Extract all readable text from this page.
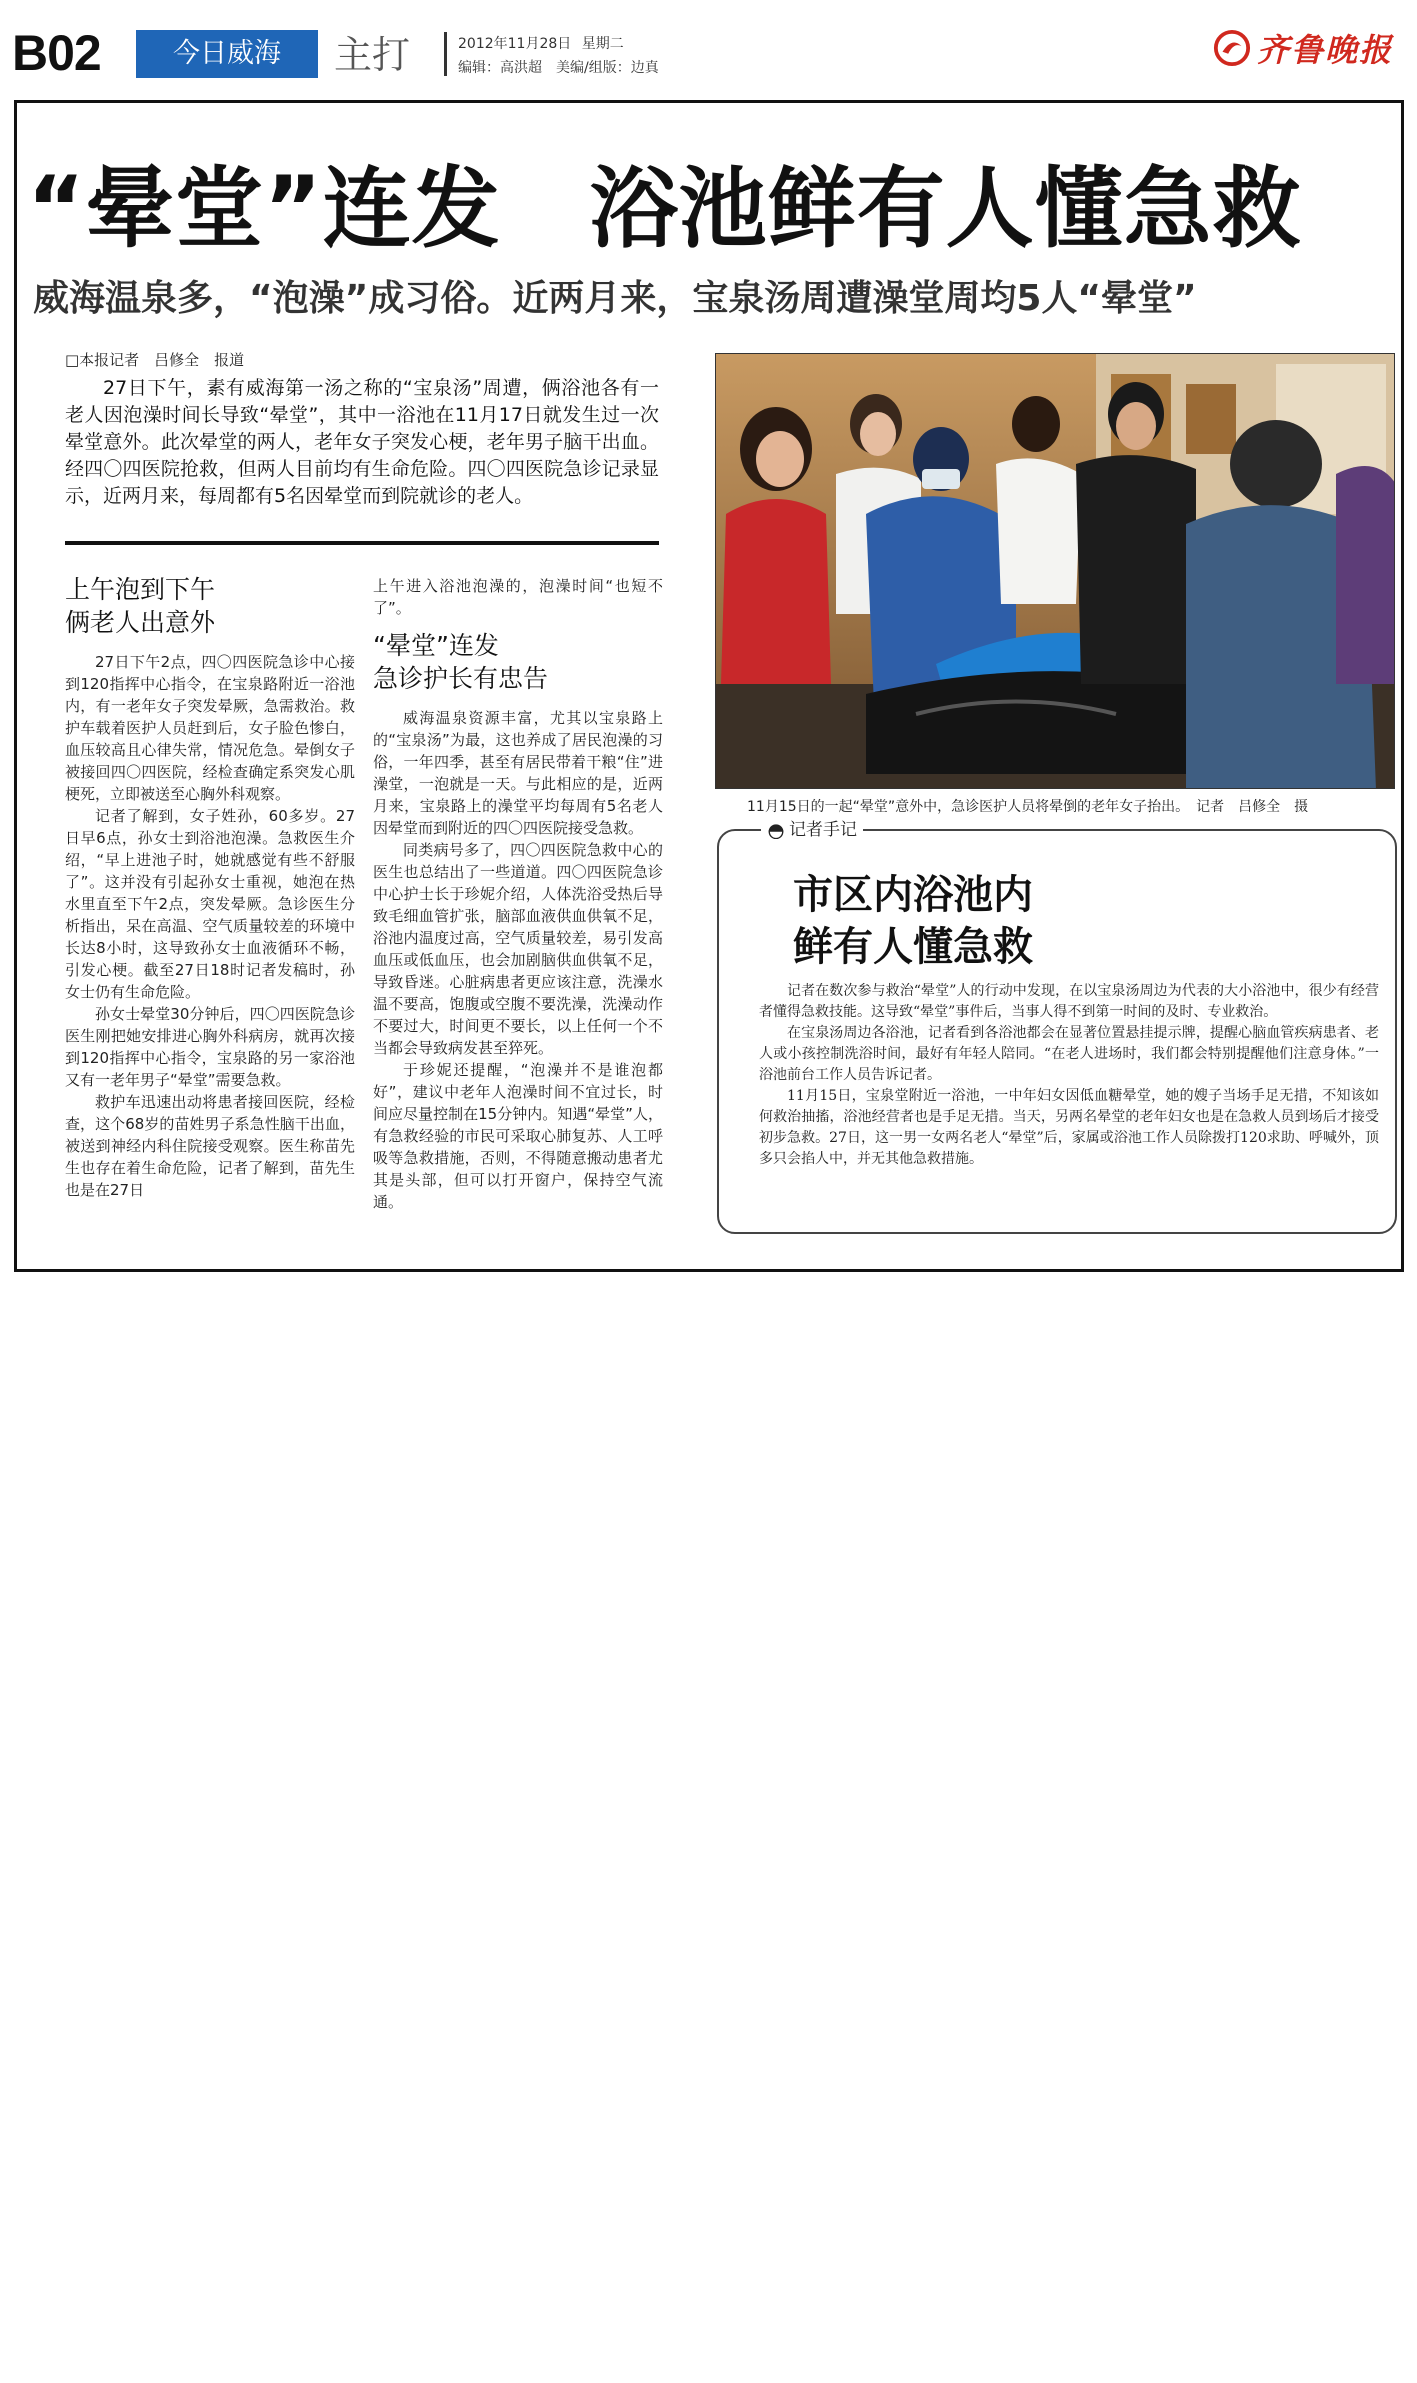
B02	今日威海	主打	2012年11月28日 星期二
编辑：高洪超　美编/组版：边真	齐鲁晚报
“晕堂”连发　浴池鲜有人懂急救
威海温泉多，“泡澡”成习俗。近两月来，宝泉汤周遭澡堂周均5人“晕堂”
□本报记者　吕修全　报道

27日下午，素有威海第一汤之称的“宝泉汤”周遭，俩浴池各有一老人因泡澡时间长导致“晕堂”，其中一浴池在11月17日就发生过一次晕堂意外。此次晕堂的两人，老年女子突发心梗，老年男子脑干出血。经四〇四医院抢救，但两人目前均有生命危险。四〇四医院急诊记录显示，近两月来，每周都有5名因晕堂而到院就诊的老人。

上午泡到下午
俩老人出意外

27日下午2点，四〇四医院急诊中心接到120指挥中心指令，在宝泉路附近一浴池内，有一老年女子突发晕厥，急需救治。救护车载着医护人员赶到后，女子脸色惨白，血压较高且心律失常，情况危急。晕倒女子被接回四〇四医院，经检查确定系突发心肌梗死，立即被送至心胸外科观察。

记者了解到，女子姓孙，60多岁。27日早6点，孙女士到浴池泡澡。急救医生介绍，“早上进池子时，她就感觉有些不舒服了”。这并没有引起孙女士重视，她泡在热水里直至下午2点，突发晕厥。急诊医生分析指出，呆在高温、空气质量较差的环境中长达8小时，这导致孙女士血液循环不畅，引发心梗。截至27日18时记者发稿时，孙女士仍有生命危险。

孙女士晕堂30分钟后，四〇四医院急诊医生刚把她安排进心胸外科病房，就再次接到120指挥中心指令，宝泉路的另一家浴池又有一老年男子“晕堂”需要急救。

救护车迅速出动将患者接回医院，经检查，这个68岁的苗姓男子系急性脑干出血，被送到神经内科住院接受观察。医生称苗先生也存在着生命危险，记者了解到，苗先生也是在27日

上午进入浴池泡澡的，泡澡时间“也短不了”。

“晕堂”连发
急诊护长有忠告

威海温泉资源丰富，尤其以宝泉路上的“宝泉汤”为最，这也养成了居民泡澡的习俗，一年四季，甚至有居民带着干粮“住”进澡堂，一泡就是一天。与此相应的是，近两月来，宝泉路上的澡堂平均每周有5名老人因晕堂而到附近的四〇四医院接受急救。

同类病号多了，四〇四医院急救中心的医生也总结出了一些道道。四〇四医院急诊中心护士长于珍妮介绍，人体洗浴受热后导致毛细血管扩张，脑部血液供血供氧不足，浴池内温度过高，空气质量较差，易引发高血压或低血压，也会加剧脑供血供氧不足，导致昏迷。心脏病患者更应该注意，洗澡水温不要高，饱腹或空腹不要洗澡，洗澡动作不要过大，时间更不要长，以上任何一个不当都会导致病发甚至猝死。

于珍妮还提醒，“泡澡并不是谁泡都好”，建议中老年人泡澡时间不宜过长，时间应尽量控制在15分钟内。知遇“晕堂”人，有急救经验的市民可采取心肺复苏、人工呼吸等急救措施，否则，不得随意搬动患者尤其是头部，但可以打开窗户，保持空气流通。

11月15日的一起“晕堂”意外中，急诊医护人员将晕倒的老年女子抬出。　记者　吕修全　摄
记者手记
市区内浴池内
鲜有人懂急救

记者在数次参与救治“晕堂”人的行动中发现，在以宝泉汤周边为代表的大小浴池中，很少有经营者懂得急救技能。这导致“晕堂”事件后，当事人得不到第一时间的及时、专业救治。

在宝泉汤周边各浴池，记者看到各浴池都会在显著位置悬挂提示牌，提醒心脑血管疾病患者、老人或小孩控制洗浴时间，最好有年轻人陪同。“在老人进场时，我们都会特别提醒他们注意身体。”一浴池前台工作人员告诉记者。

11月15日，宝泉堂附近一浴池，一中年妇女因低血糖晕堂，她的嫂子当场手足无措，不知该如何救治抽搐，浴池经营者也是手足无措。当天，另两名晕堂的老年妇女也是在急救人员到场后才接受初步急救。27日，这一男一女两名老人“晕堂”后，家属或浴池工作人员除拨打120求助、呼喊外，顶多只会掐人中，并无其他急救措施。
